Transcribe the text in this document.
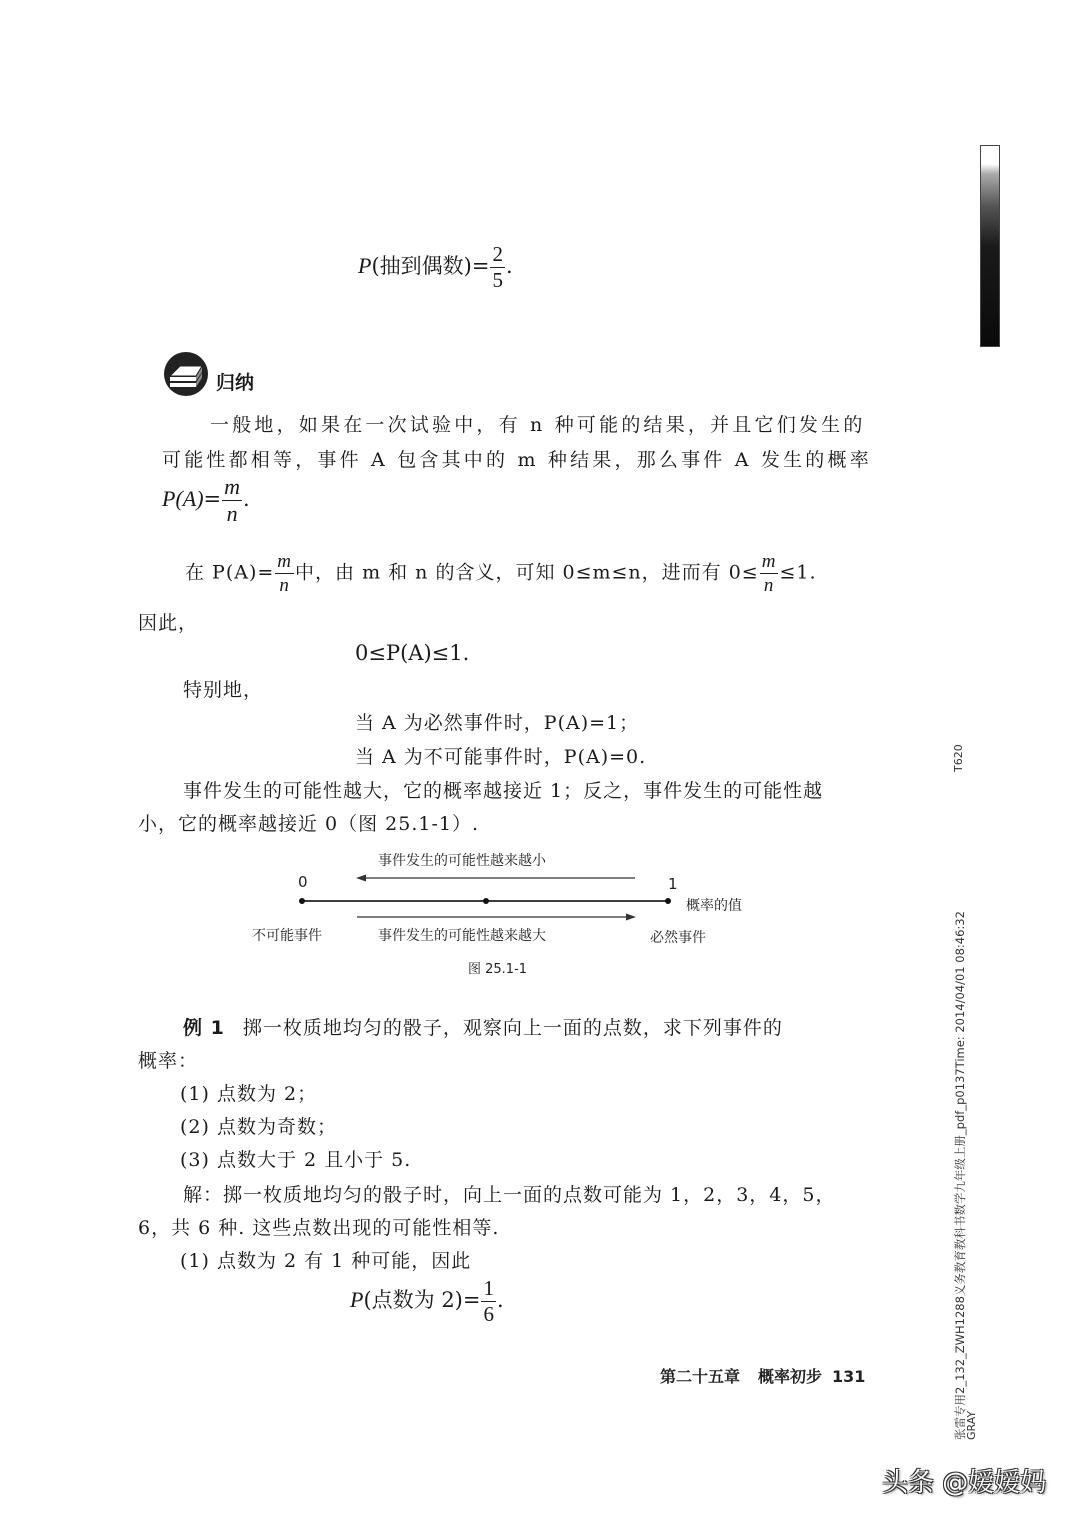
P(抽到偶数)= $\frac{2}{5}$ .
归纳
一般地，如果在一次试验中，有 n 种可能的结果，并且它们发生的
可能性都相等，事件 A 包含其中的 m 种结果，那么事件 A 发生的概率
$P(A)= \frac{m}{n}$ .
在 $P(A)= \frac{m}{n}$ 中，由 m 和 n 的含义，可知 0≤m≤n，进而有 $0\le \frac{m}{n} \le 1$.
因此，
0≤P(A)≤1.
特别地，
当 A 为必然事件时，P(A)=1；
当 A 为不可能事件时，P(A)=0.
事件发生的可能性越大，它的概率越接近 1；反之，事件发生的可能性越
小，它的概率越接近 0（图 25.1-1）.
事件发生的可能性越来越小
0	1
概率的值
不可能事件	事件发生的可能性越来越大	必然事件
图 25.1-1
例 1 掷一枚质地均匀的骰子，观察向上一面的点数，求下列事件的
概率：
(1) 点数为 2；
(2) 点数为奇数；
(3) 点数大于 2 且小于 5.
解：掷一枚质地均匀的骰子时，向上一面的点数可能为 1，2，3，4，5，
6，共 6 种. 这些点数出现的可能性相等.
(1) 点数为 2 有 1 种可能，因此
P(点数为 $2)= \frac{1}{6}$ .
第二十五章 概率初步 131
T620
张雷专用2_132_ZWH1288义务教育教科书数学九年级上册_pdf_p0137Time: 2014/04/01 08:46:32
GRAY
头条 @嫒嫒妈
